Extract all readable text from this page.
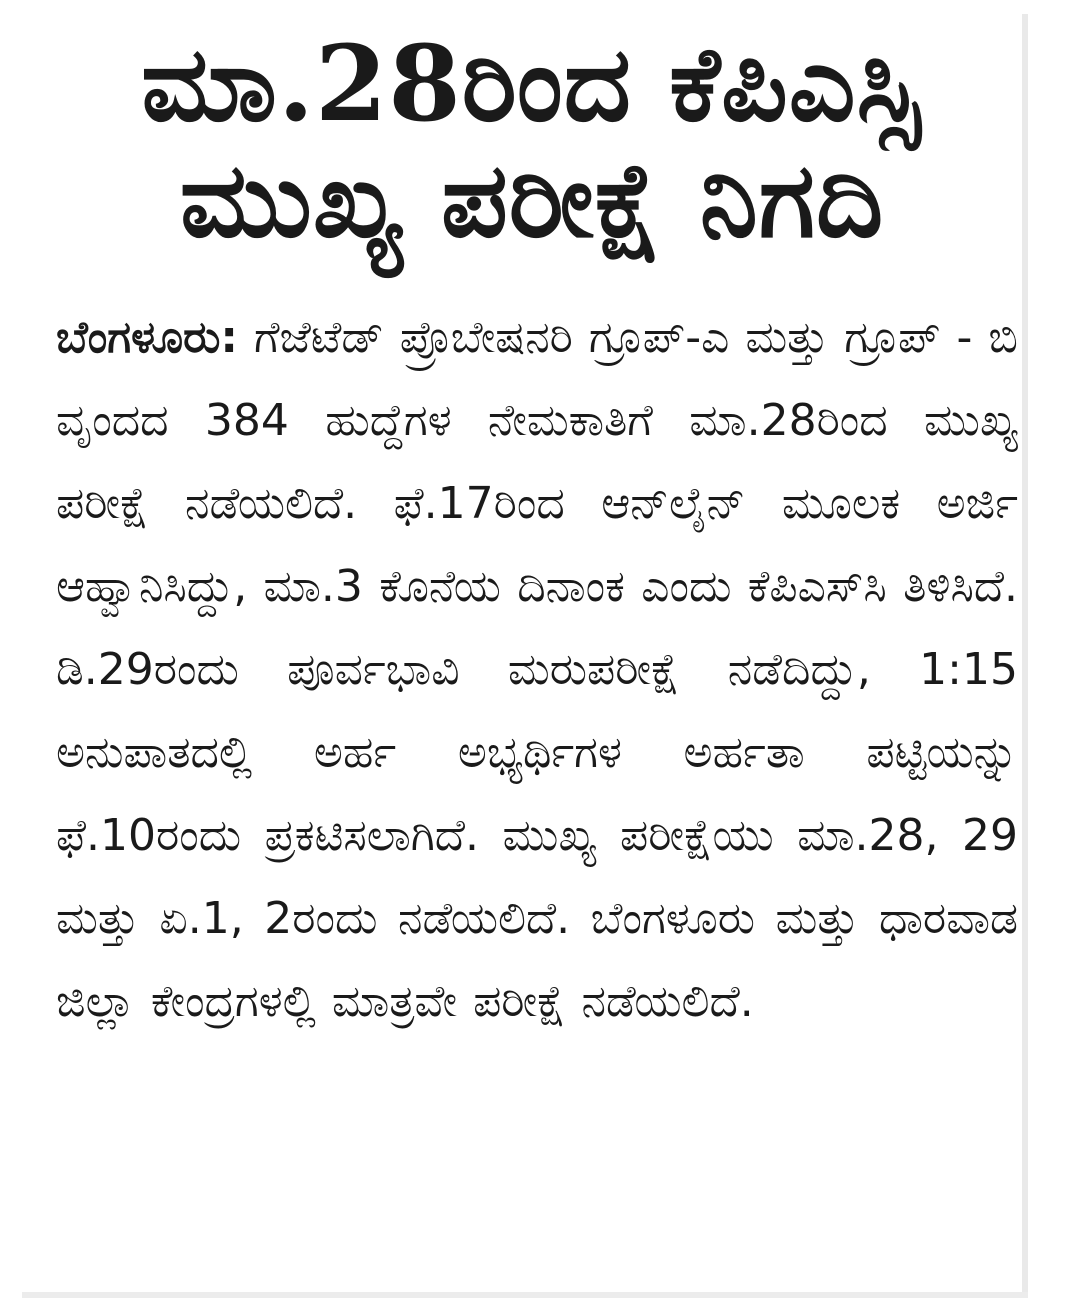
ಮಾ.28ರಿಂದ ಕೆಪಿಎಸ್ಸಿ
ಮುಖ್ಯ ಪರೀಕ್ಷೆ ನಿಗದಿ

ಬೆಂಗಳೂರು: ಗೆಜೆಟೆಡ್ ಪ್ರೊಬೇಷನರಿ ಗ್ರೂಪ್-ಎ ಮತ್ತು ಗ್ರೂಪ್ - ಬಿ ವೃಂದದ 384 ಹುದ್ದೆಗಳ ನೇಮಕಾತಿಗೆ ಮಾ.28ರಿಂದ ಮುಖ್ಯ ಪರೀಕ್ಷೆ ನಡೆಯಲಿದೆ. ಫೆ.17ರಿಂದ ಆನ್‌ಲೈನ್ ಮೂಲಕ ಅರ್ಜಿ ಆಹ್ವಾನಿಸಿದ್ದು, ಮಾ.3 ಕೊನೆಯ ದಿನಾಂಕ ಎಂದು ಕೆಪಿಎಸ್‌ಸಿ ತಿಳಿಸಿದೆ. ಡಿ.29ರಂದು ಪೂರ್ವಭಾವಿ ಮರುಪರೀಕ್ಷೆ ನಡೆದಿದ್ದು, 1:15 ಅನುಪಾತದಲ್ಲಿ ಅರ್ಹ ಅಭ್ಯರ್ಥಿಗಳ ಅರ್ಹತಾ ಪಟ್ಟಿಯನ್ನು ಫೆ.10ರಂದು ಪ್ರಕಟಿಸಲಾಗಿದೆ. ಮುಖ್ಯ ಪರೀಕ್ಷೆಯು ಮಾ.28, 29 ಮತ್ತು ಏ.1, 2ರಂದು ನಡೆಯಲಿದೆ. ಬೆಂಗಳೂರು ಮತ್ತು ಧಾರವಾಡ ಜಿಲ್ಲಾ ಕೇಂದ್ರಗಳಲ್ಲಿ ಮಾತ್ರವೇ ಪರೀಕ್ಷೆ ನಡೆಯಲಿದೆ.
